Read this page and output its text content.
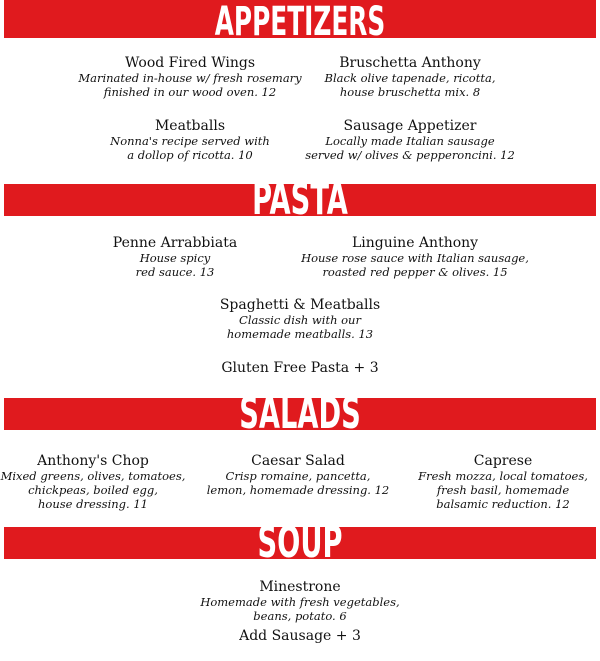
APPETIZERS
Wood Fired Wings
Marinated in-house w/ fresh rosemary
finished in our wood oven. 12
Bruschetta Anthony
Black olive tapenade, ricotta,
house bruschetta mix. 8
Meatballs
Nonna's recipe served with
a dollop of ricotta. 10
Sausage Appetizer
Locally made Italian sausage
served w/ olives & pepperoncini. 12
PASTA
Penne Arrabbiata
House spicy
red sauce. 13
Linguine Anthony
House rose sauce with Italian sausage,
roasted red pepper & olives. 15
Spaghetti & Meatballs
Classic dish with our
homemade meatballs. 13
Gluten Free Pasta + 3
SALADS
Anthony's Chop
Mixed greens, olives, tomatoes,
chickpeas, boiled egg,
house dressing. 11
Caesar Salad
Crisp romaine, pancetta,
lemon, homemade dressing. 12
Caprese
Fresh mozza, local tomatoes,
fresh basil, homemade
balsamic reduction. 12
SOUP
Minestrone
Homemade with fresh vegetables,
beans, potato. 6
Add Sausage + 3
